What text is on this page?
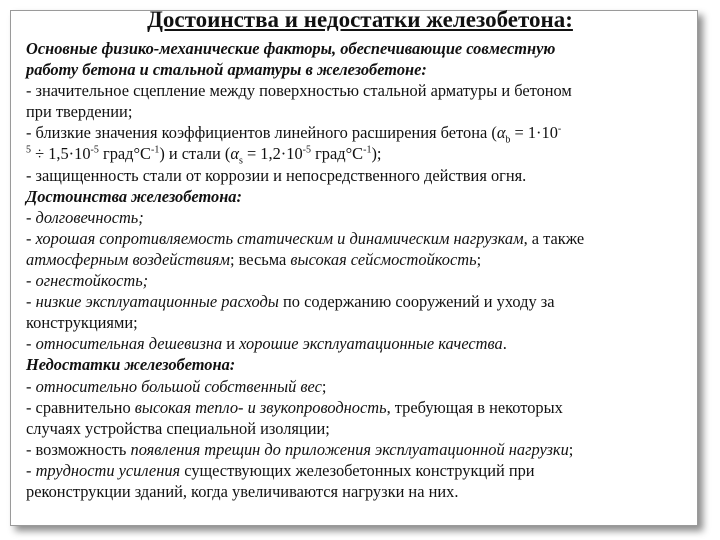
Достоинства и недостатки железобетона:
Основные физико-механические факторы, обеспечивающие совместную
работу бетона и стальной арматуры в железобетоне:
- значительное сцепление между поверхностью стальной арматуры и бетоном
при твердении;
- близкие значения коэффициентов линейного расширения бетона ($\alpha_b = 1\cdot 10^-$
$^5 \div 1,5\cdot 10^{-5}$ $град^\circ С^{-1}$) и стали ($\alpha_s = 1,2\cdot 10^{-5}$ $град^\circ С^{-1}$);
- защищенность стали от коррозии и непосредственного действия огня.
Достоинства железобетона:
- долговечность;
- хорошая сопротивляемость статическим и динамическим нагрузкам, а также
атмосферным воздействиям; весьма высокая сейсмостойкость;
- огнестойкость;
- низкие эксплуатационные расходы по содержанию сооружений и уходу за
конструкциями;
- относительная дешевизна и хорошие эксплуатационные качества.
Недостатки железобетона:
- относительно большой собственный вес;
- сравнительно высокая тепло- и звукопроводность, требующая в некоторых
случаях устройства специальной изоляции;
- возможность появления трещин до приложения эксплуатационной нагрузки;
- трудности усиления существующих железобетонных конструкций при
реконструкции зданий, когда увеличиваются нагрузки на них.
